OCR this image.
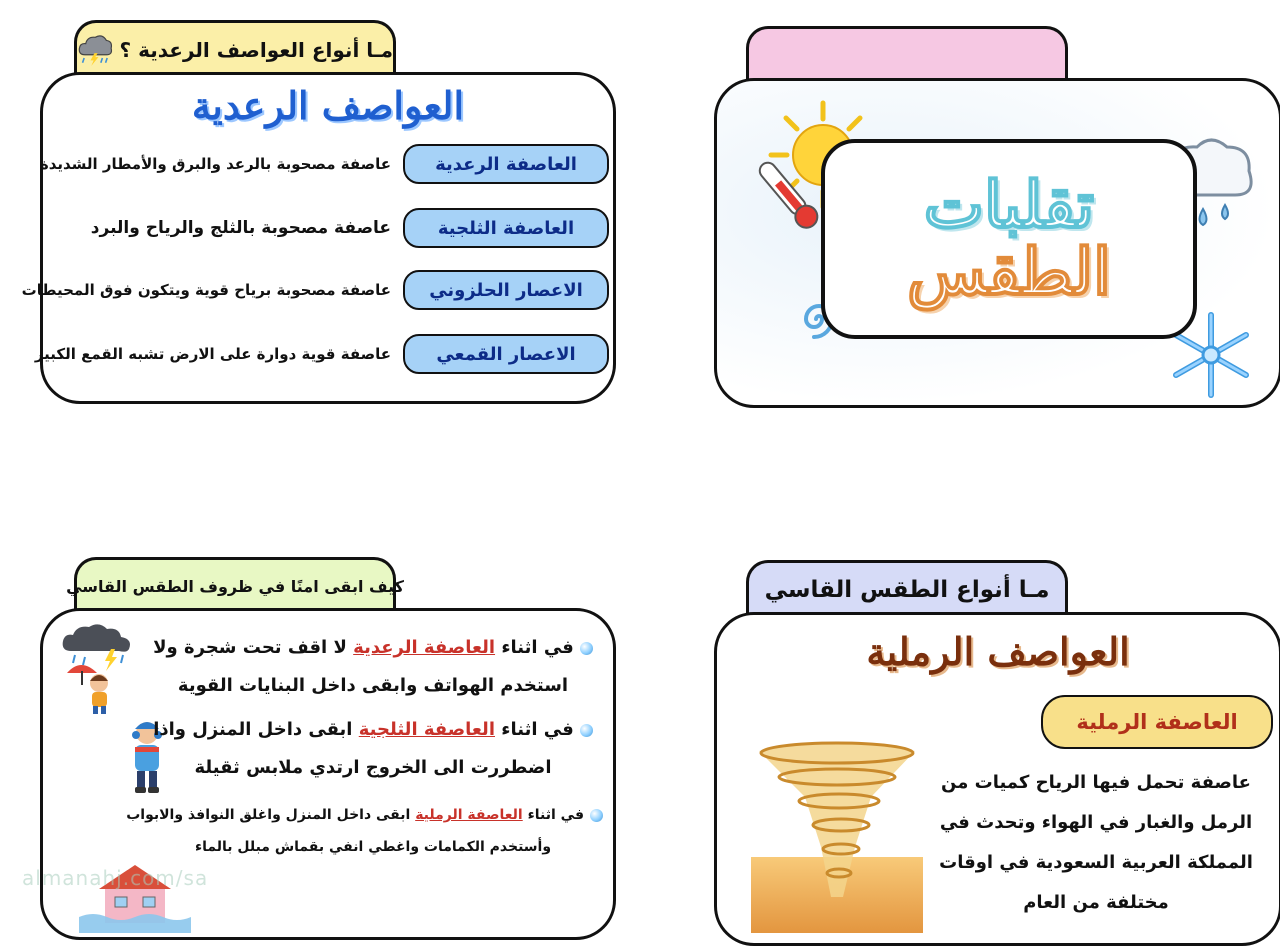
تقلبات
الطقس
مـا أنواع العواصف الرعدية ؟
العواصف الرعدية
العاصفة الرعدية
عاصفة مصحوبة بالرعد والبرق والأمطار الشديدة
العاصفة الثلجية
عاصفة مصحوبة بالثلج والرياح والبرد
الاعصار الحلزوني
عاصفة مصحوبة برياح قوية ويتكون فوق المحيطات
الاعصار القمعي
عاصفة قوية دوارة على الارض تشبه القمع الكبير
مـا أنواع الطقس القاسي
العواصف الرملية
العاصفة الرملية
عاصفة تحمل فيها الرياح كميات من
الرمل والغبار في الهواء وتحدث في
المملكة العربية السعودية في اوقات
مختلفة من العام
كيف ابقى امنًا في ظروف الطقس القاسي
في اثناء العاصفة الرعدية لا اقف تحت شجرة ولا
استخدم الهواتف وابقى داخل البنايات القوية
في اثناء العاصفة الثلجية ابقى داخل المنزل واذا
اضطررت الى الخروج ارتدي ملابس ثقيلة
في اثناء العاصفة الرملية ابقى داخل المنزل واغلق النوافذ والابواب
وأستخدم الكمامات واغطي انفي بقماش مبلل بالماء
almanahj.com/sa
